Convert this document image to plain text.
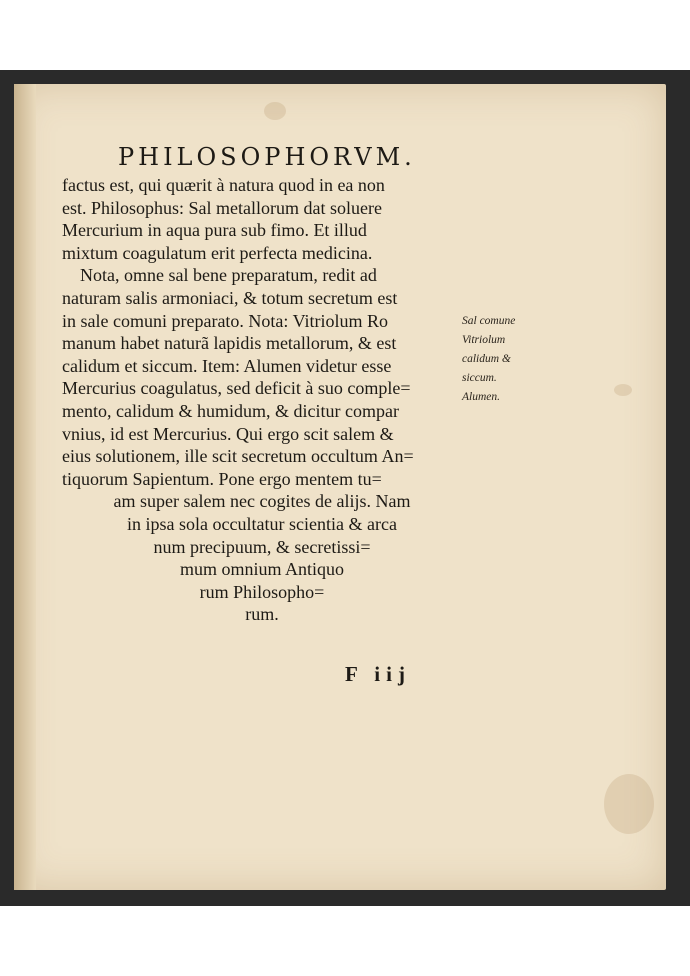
PHILOSOPHORVM.
factus est, qui quærit à natura quod in ea non
est. Philosophus: Sal metallorum dat soluere
Mercurium in aqua pura sub fimo. Et illud
mixtum coagulatum erit perfecta medicina.
Nota, omne sal bene preparatum, redit ad
naturam salis armoniaci, & totum secretum est
in sale comuni preparato. Nota: Vitriolum Ro
manum habet naturã lapidis metallorum, & est
calidum et siccum. Item: Alumen videtur esse
Mercurius coagulatus, sed deficit à suo comple=
mento, calidum & humidum, & dicitur compar
vnius, id est Mercurius. Qui ergo scit salem &
eius solutionem, ille scit secretum occultum An=
tiquorum Sapientum. Pone ergo mentem tu=
am super salem nec cogites de alijs. Nam
in ipsa sola occultatur scientia & arca
num precipuum, & secretissi=
mum omnium Antiquo
rum Philosopho=
rum.
Sal comune
Vitriolum
calidum &
siccum.
Alumen.
F iij
